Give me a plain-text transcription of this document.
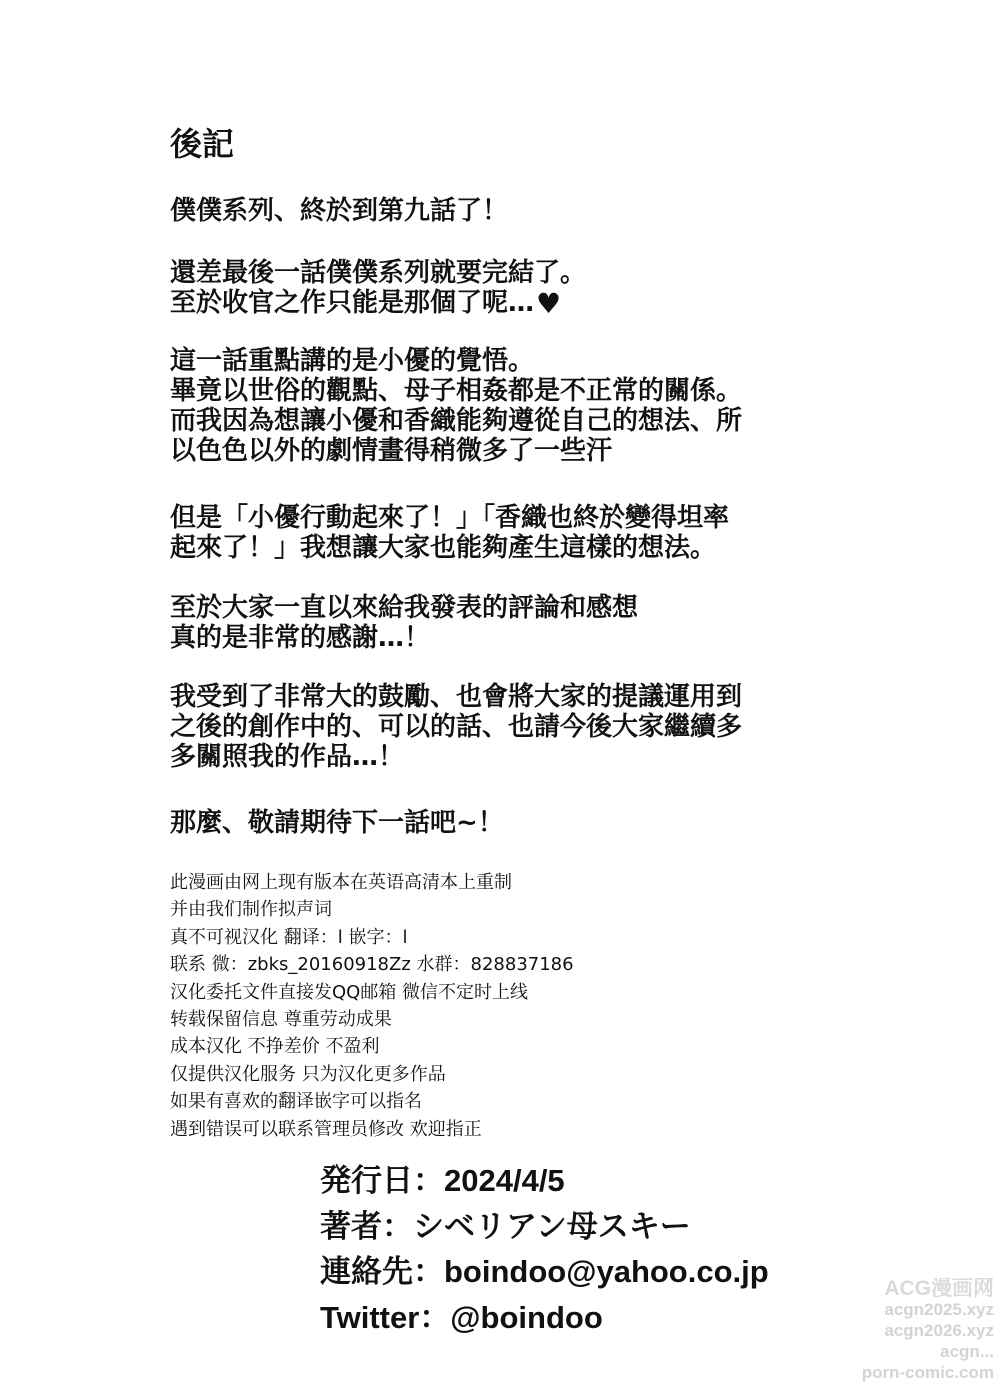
後記
僕僕系列、終於到第九話了！
還差最後一話僕僕系列就要完結了。
至於收官之作只能是那個了呢…♥
這一話重點講的是小優的覺悟。
畢竟以世俗的觀點、母子相姦都是不正常的關係。
而我因為想讓小優和香織能夠遵從自己的想法、所
以色色以外的劇情畫得稍微多了一些汗
但是「小優行動起來了！」「香織也終於變得坦率
起來了！」我想讓大家也能夠產生這樣的想法。
至於大家一直以來給我發表的評論和感想
真的是非常的感謝…！
我受到了非常大的鼓勵、也會將大家的提議運用到
之後的創作中的、可以的話、也請今後大家繼續多
多關照我的作品…！
那麼、敬請期待下一話吧~！
此漫画由网上现有版本在英语高清本上重制
并由我们制作拟声词
真不可视汉化 翻译：l 嵌字：l
联系 微：zbks_20160918Zz 水群：828837186
汉化委托文件直接发QQ邮箱 微信不定时上线
转载保留信息 尊重劳动成果
成本汉化 不挣差价 不盈利
仅提供汉化服务 只为汉化更多作品
如果有喜欢的翻译嵌字可以指名
遇到错误可以联系管理员修改 欢迎指正
発行日：2024/4/5
著者：シベリアン母スキー
連絡先：boindoo@yahoo.co.jp
Twitter：@boindoo
ACG漫画网
acgn2025.xyz
acgn2026.xyz
acgn...
porn-comic.com
